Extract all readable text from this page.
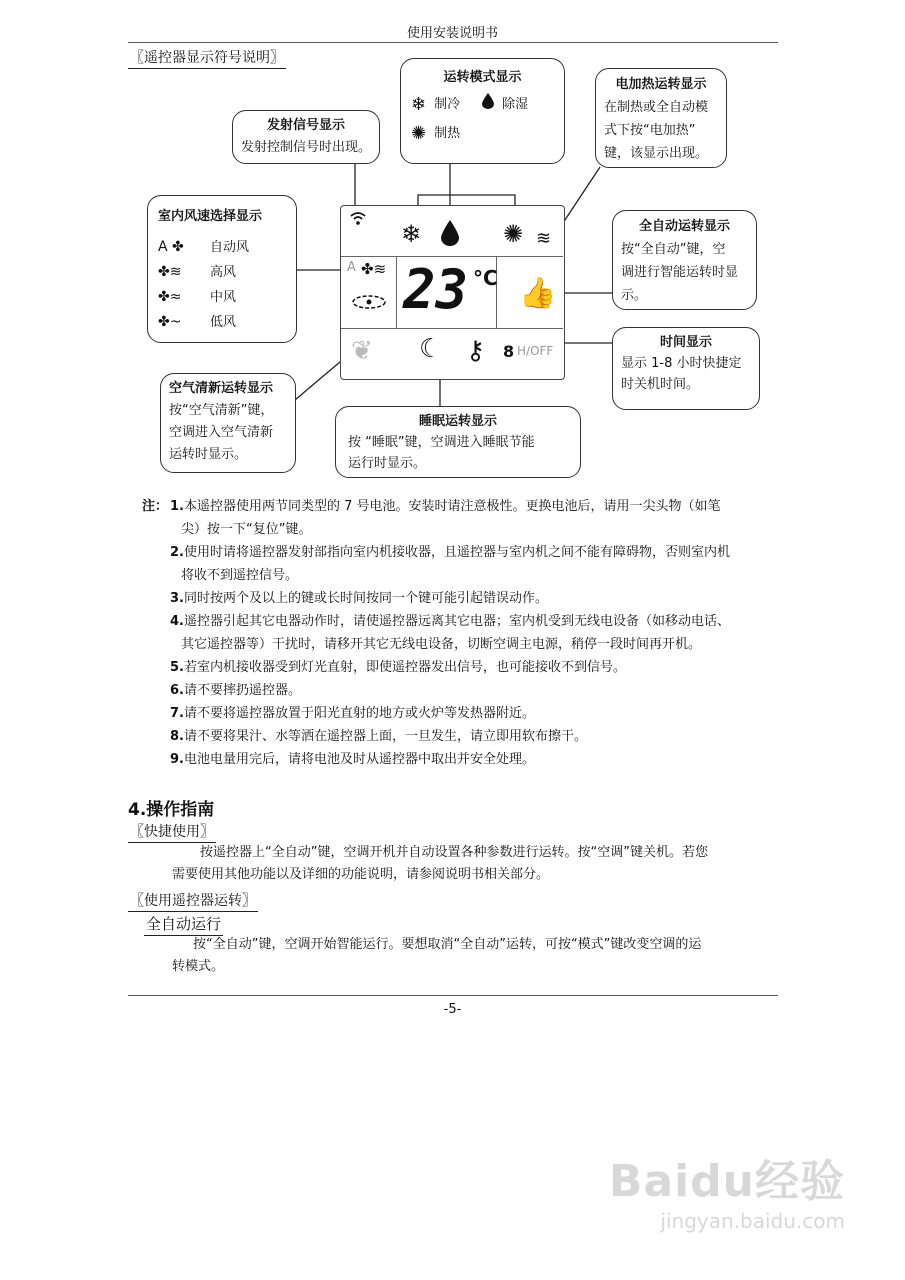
使用安装说明书
〖遥控器显示符号说明〗
运转模式显示
❄ 制冷	除湿
✺ 制热
发射信号显示
发射控制信号时出现。
电加热运转显示
在制热或全自动模
式下按“电加热”
键，该显示出现。
室内风速选择显示
A ✤	自动风
✤≋	高风
✤≈	中风
✤~	低风
❄	✺ ≋
A ✤≋ 23 °C 👍
❦ ☾ ⚷ 8 H/OFF
全自动运转显示
按“全自动”键，空
调进行智能运转时显
示。
时间显示
显示 1-8 小时快捷定
时关机时间。
空气清新运转显示
按“空气清新”键，
空调进入空气清新
运转时显示。
睡眠运转显示
按 “睡眠”键，空调进入睡眠节能
运行时显示。
注： 1.本遥控器使用两节同类型的 7 号电池。安装时请注意极性。更换电池后，请用一尖头物（如笔
尖）按一下“复位”键。
2.使用时请将遥控器发射部指向室内机接收器，且遥控器与室内机之间不能有障碍物，否则室内机
将收不到遥控信号。
3.同时按两个及以上的键或长时间按同一个键可能引起错误动作。
4.遥控器引起其它电器动作时，请使遥控器远离其它电器；室内机受到无线电设备（如移动电话、
其它遥控器等）干扰时，请移开其它无线电设备，切断空调主电源，稍停一段时间再开机。
5.若室内机接收器受到灯光直射，即使遥控器发出信号，也可能接收不到信号。
6.请不要摔扔遥控器。
7.请不要将遥控器放置于阳光直射的地方或火炉等发热器附近。
8.请不要将果汁、水等洒在遥控器上面，一旦发生，请立即用软布擦干。
9.电池电量用完后，请将电池及时从遥控器中取出并安全处理。
4.操作指南
〖快捷使用〗
按遥控器上“全自动”键，空调开机并自动设置各种参数进行运转。按“空调”键关机。若您
需要使用其他功能以及详细的功能说明，请参阅说明书相关部分。
〖使用遥控器运转〗
全自动运行
按“全自动”键，空调开始智能运行。要想取消“全自动”运转，可按“模式”键改变空调的运
转模式。
-5-
Baidu经验
jingyan.baidu.com
